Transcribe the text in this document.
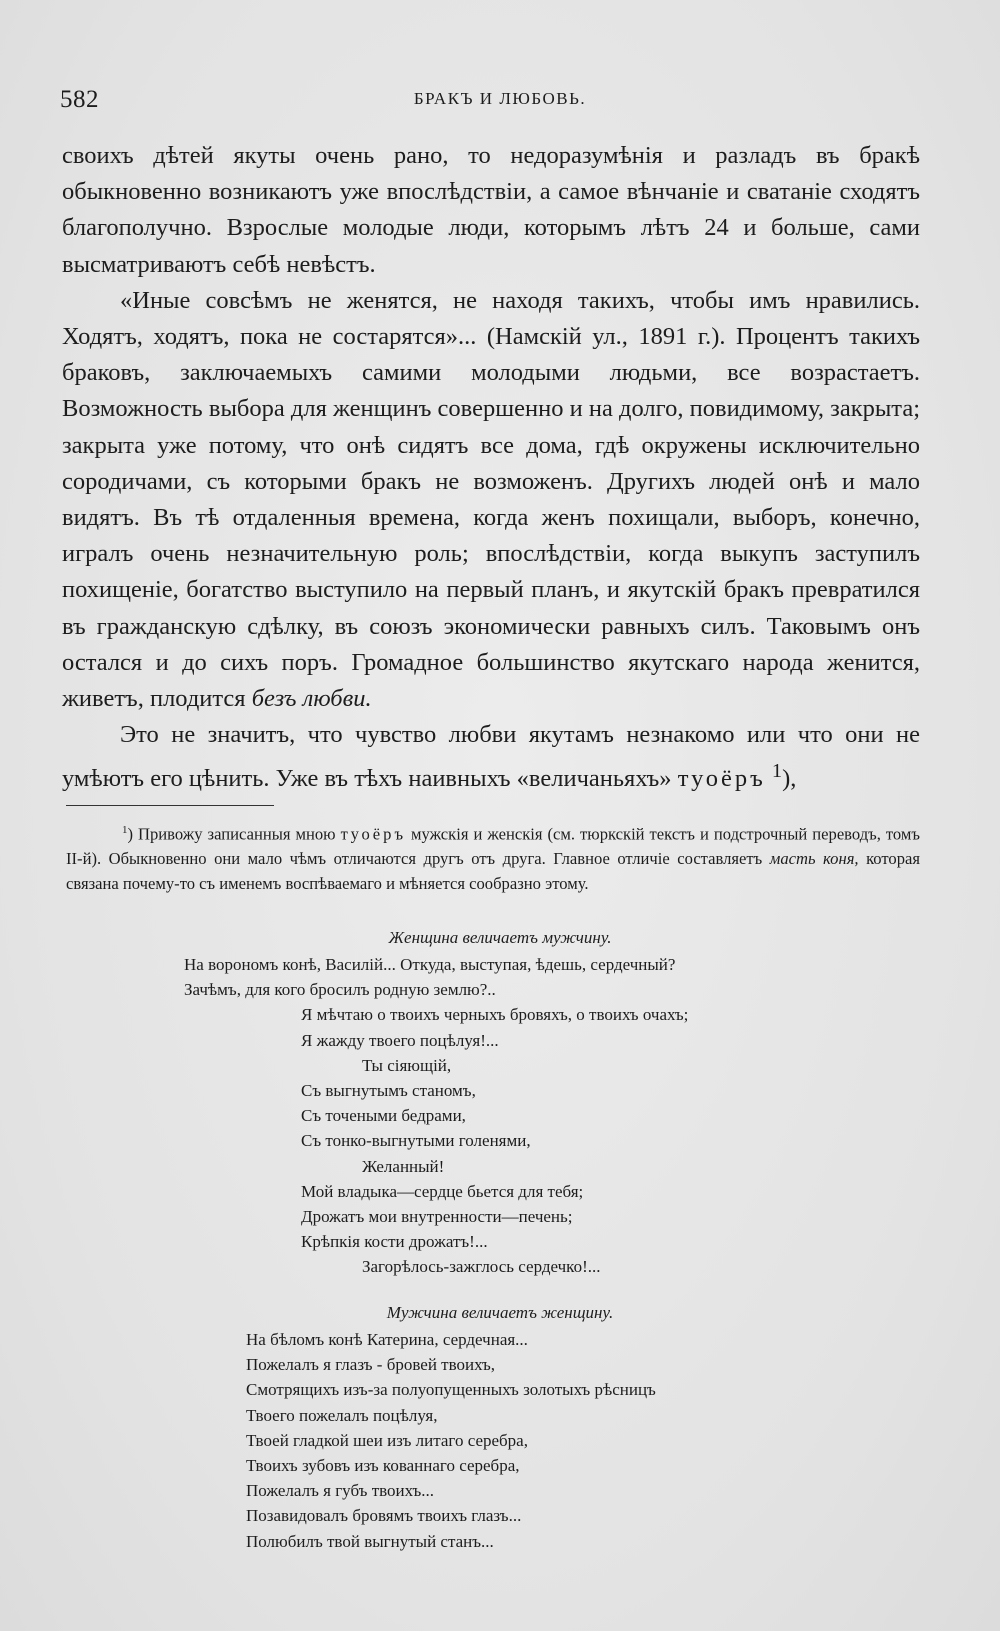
582	БРАКЪ И ЛЮБОВЬ.

своихъ дѣтей якуты очень рано, то недоразумѣнія и разладъ въ бракѣ обыкновенно возникаютъ уже впослѣдствіи, а самое вѣнчаніе и сватаніе сходятъ благополучно. Взрослые молодые люди, которымъ лѣтъ 24 и больше, сами высматриваютъ себѣ невѣстъ.

«Иные совсѣмъ не женятся, не находя такихъ, чтобы имъ нравились. Ходятъ, ходятъ, пока не состарятся»... (Намскій ул., 1891 г.). Процентъ такихъ браковъ, заключаемыхъ самими молодыми людьми, все возрастаетъ. Возможность выбора для женщинъ совершенно и на долго, повидимому, закрыта; закрыта уже потому, что онѣ сидятъ все дома, гдѣ окружены исключительно сородичами, съ которыми бракъ не возможенъ. Другихъ людей онѣ и мало видятъ. Въ тѣ отдаленныя времена, когда женъ похищали, выборъ, конечно, игралъ очень незначительную роль; впослѣдствіи, когда выкупъ заступилъ похищеніе, богатство выступило на первый планъ, и якутскій бракъ превратился въ гражданскую сдѣлку, въ союзъ экономически равныхъ силъ. Таковымъ онъ остался и до сихъ поръ. Громадное большинство якутскаго народа женится, живетъ, плодится безъ любви.

Это не значитъ, что чувство любви якутамъ незнакомо или что они не умѣютъ его цѣнить. Уже въ тѣхъ наивныхъ «величаньяхъ» туоёръ $^1$),

$^1$) Привожу записанныя мною туоёръ мужскія и женскія (см. тюркскій текстъ и подстрочный переводъ, томъ II-й). Обыкновенно они мало чѣмъ отличаются другъ отъ друга. Главное отличіе составляетъ масть коня, которая связана почему-то съ именемъ воспѣваемаго и мѣняется сообразно этому.

Женщина величаетъ мужчину.
На ворономъ конѣ, Василій... Откуда, выступая, ѣдешь, сердечный?
Зачѣмъ, для кого бросилъ родную землю?..
Я мѣчтаю о твоихъ черныхъ бровяхъ, о твоихъ очахъ;
Я жажду твоего поцѣлуя!...
Ты сіяющій,
Съ выгнутымъ станомъ,
Съ точеными бедрами,
Съ тонко-выгнутыми голенями,
Желанный!
Мой владыка—сердце бьется для тебя;
Дрожатъ мои внутренности—печень;
Крѣпкія кости дрожатъ!...
Загорѣлось-зажглось сердечко!...
Мужчина величаетъ женщину.
На бѣломъ конѣ Катерина, сердечная...
Пожелалъ я глазъ - бровей твоихъ,
Смотрящихъ изъ-за полуопущенныхъ золотыхъ рѣсницъ
Твоего пожелалъ поцѣлуя,
Твоей гладкой шеи изъ литаго серебра,
Твоихъ зубовъ изъ кованнаго серебра,
Пожелалъ я губъ твоихъ...
Позавидовалъ бровямъ твоихъ глазъ...
Полюбилъ твой выгнутый станъ...
